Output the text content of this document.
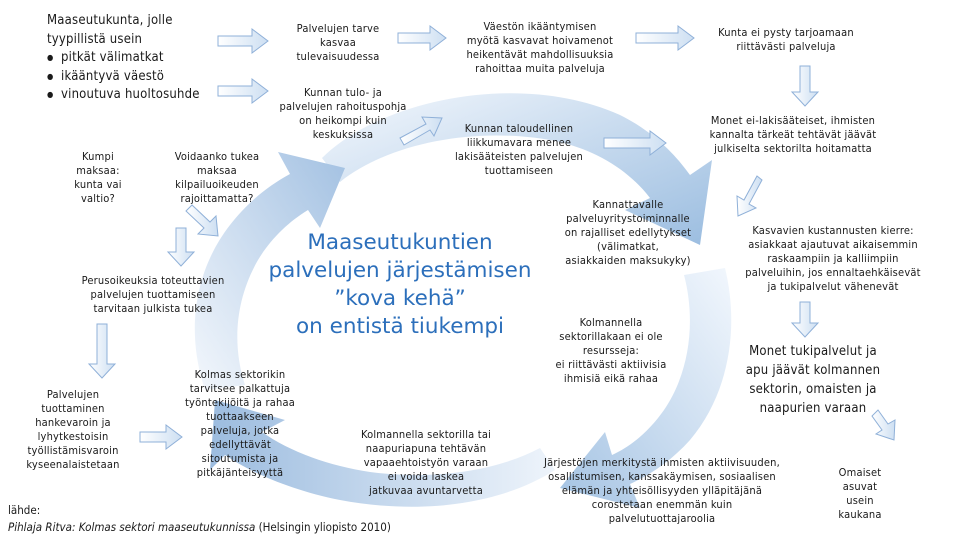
Maaseutukunta, jolle
tyypillistä usein
● pitkät välimatkat
● ikääntyvä väestö
● vinoutuva huoltosuhde
Palvelujen tarve
kasvaa
tulevaisuudessa
Väestön ikääntymisen
myötä kasvavat hoivamenot
heikentävät mahdollisuuksia
rahoittaa muita palveluja
Kunta ei pysty tarjoamaan
riittävästi palveluja
Kunnan tulo- ja
palvelujen rahoituspohja
on heikompi kuin
keskuksissa	Kunnan taloudellinen
liikkumavara menee
lakisääteisten palvelujen
tuottamiseen
Monet ei-lakisääteiset, ihmisten
kannalta tärkeät tehtävät jäävät
julkiselta sektorilta hoitamatta
Kumpi
maksaa:
kunta vai
valtio?
Voidaanko tukea
maksaa
kilpailuoikeuden
rajoittamatta?	Kannattavalle
palveluyritystoiminnalle
on rajalliset edellytykset
(välimatkat,
asiakkaiden maksukyky)
Kasvavien kustannusten kierre:
asiakkaat ajautuvat aikaisemmin
raskaampiin ja kalliimpiin
palveluihin, jos ennaltaehkäisevät
ja tukipalvelut vähenevät
Perusoikeuksia toteuttavien
palvelujen tuottamiseen
tarvitaan julkista tukea
Maaseutukuntien
palvelujen järjestämisen
”kova kehä”
on entistä tiukempi	Kolmannella
sektorillakaan ei ole
resursseja:
ei riittävästi aktiivisia
ihmisiä eikä rahaa
Monet tukipalvelut ja
apu jäävät kolmannen
sektorin, omaisten ja
naapurien varaan
Palvelujen
tuottaminen
hankevaroin ja
lyhytkestoisin
työllistämisvaroin
kyseenalaistetaan
Kolmas sektorikin
tarvitsee palkattuja
työntekijöitä ja rahaa
tuottaakseen
palveluja, jotka
edellyttävät
sitoutumista ja
pitkäjänteisyyttä
Kolmannella sektorilla tai
naapuriapuna tehtävän
vapaaehtoistyön varaan
ei voida laskea
jatkuvaa avuntarvetta
Järjestöjen merkitystä ihmisten aktiivisuuden,
osallistumisen, kanssakäymisen, sosiaalisen
elämän ja yhteisöllisyyden ylläpitäjänä
corostetaan enemmän kuin
palvelutuottajaroolia
Omaiset
asuvat
usein
kaukana
lähde:
Pihlaja Ritva: Kolmas sektori maaseutukunnissa (Helsingin yliopisto 2010)
